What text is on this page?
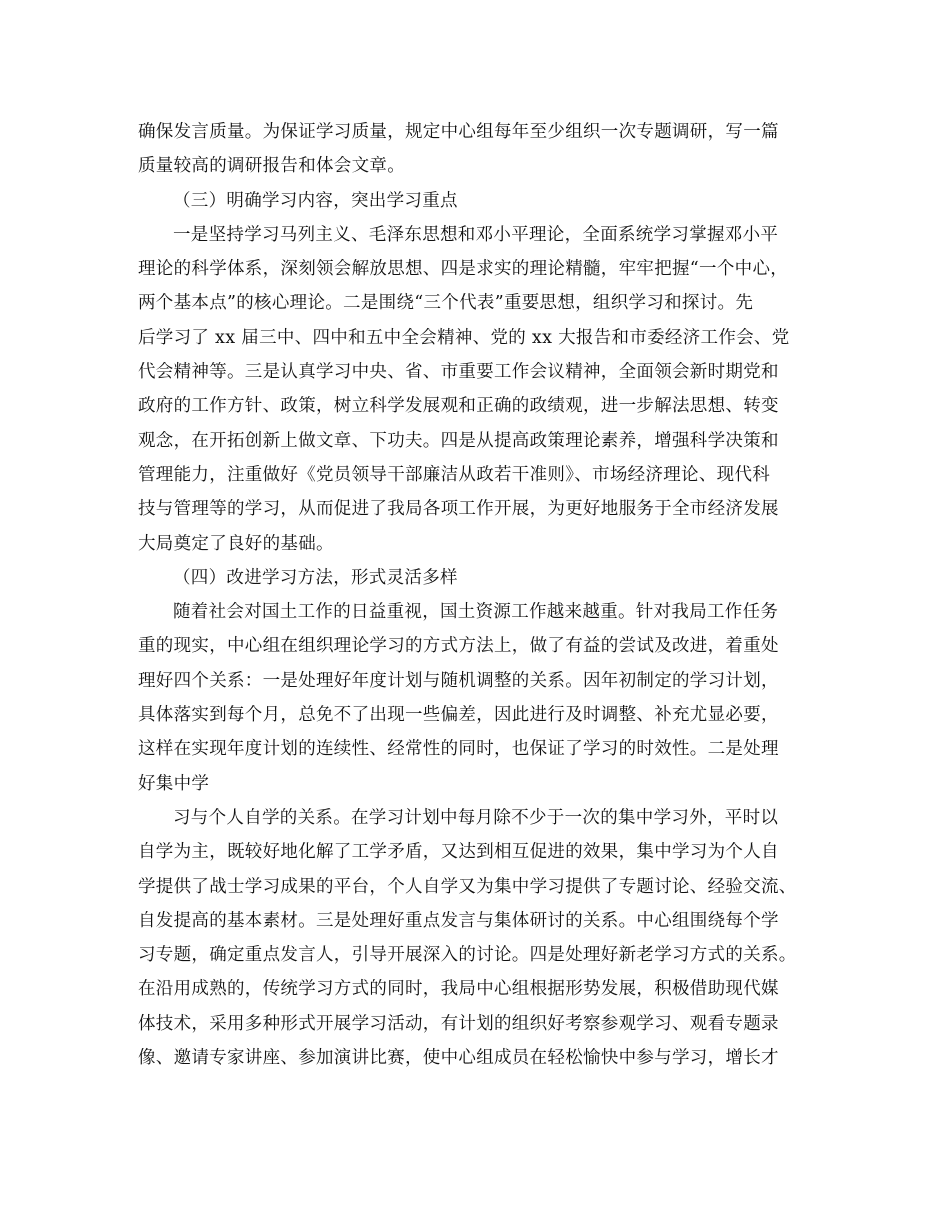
确保发言质量。为保证学习质量，规定中心组每年至少组织一次专题调研，写一篇
质量较高的调研报告和体会文章。
（三）明确学习内容，突出学习重点
一是坚持学习马列主义、毛泽东思想和邓小平理论，全面系统学习掌握邓小平
理论的科学体系，深刻领会解放思想、四是求实的理论精髓，牢牢把握“一个中心，
两个基本点”的核心理论。二是围绕“三个代表”重要思想，组织学习和探讨。先
后学习了 xx 届三中、四中和五中全会精神、党的 xx 大报告和市委经济工作会、党
代会精神等。三是认真学习中央、省、市重要工作会议精神，全面领会新时期党和
政府的工作方针、政策，树立科学发展观和正确的政绩观，进一步解法思想、转变
观念，在开拓创新上做文章、下功夫。四是从提高政策理论素养，增强科学决策和
管理能力，注重做好《党员领导干部廉洁从政若干准则》、市场经济理论、现代科
技与管理等的学习，从而促进了我局各项工作开展，为更好地服务于全市经济发展
大局奠定了良好的基础。
（四）改进学习方法，形式灵活多样
随着社会对国土工作的日益重视，国土资源工作越来越重。针对我局工作任务
重的现实，中心组在组织理论学习的方式方法上，做了有益的尝试及改进，着重处
理好四个关系：一是处理好年度计划与随机调整的关系。因年初制定的学习计划，
具体落实到每个月，总免不了出现一些偏差，因此进行及时调整、补充尤显必要，
这样在实现年度计划的连续性、经常性的同时，也保证了学习的时效性。二是处理
好集中学
习与个人自学的关系。在学习计划中每月除不少于一次的集中学习外，平时以
自学为主，既较好地化解了工学矛盾，又达到相互促进的效果，集中学习为个人自
学提供了战士学习成果的平台，个人自学又为集中学习提供了专题讨论、经验交流、
自发提高的基本素材。三是处理好重点发言与集体研讨的关系。中心组围绕每个学
习专题，确定重点发言人，引导开展深入的讨论。四是处理好新老学习方式的关系。
在沿用成熟的，传统学习方式的同时，我局中心组根据形势发展，积极借助现代媒
体技术，采用多种形式开展学习活动，有计划的组织好考察参观学习、观看专题录
像、邀请专家讲座、参加演讲比赛，使中心组成员在轻松愉快中参与学习，增长才
